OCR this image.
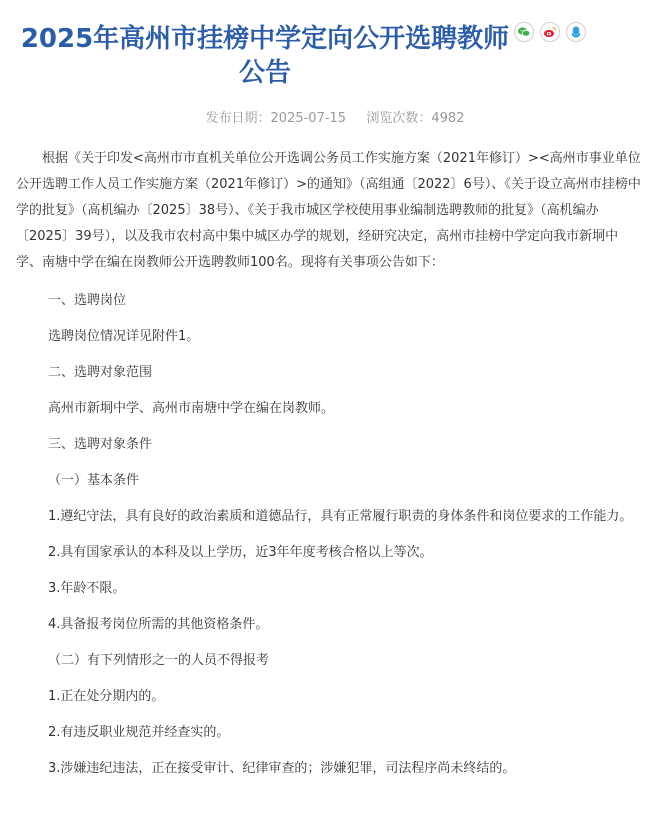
2025年高州市挂榜中学定向公开选聘教师公告
发布日期：2025-07-15 浏览次数：4982

根据《关于印发<高州市市直机关单位公开选调公务员工作实施方案（2021年修订）><高州市事业单位公开选聘工作人员工作实施方案（2021年修订）>的通知》（高组通〔2022〕6号）、《关于设立高州市挂榜中学的批复》（高机编办〔2025〕38号）、《关于我市城区学校使用事业编制选聘教师的批复》（高机编办〔2025〕39号），以及我市农村高中集中城区办学的规划，经研究决定，高州市挂榜中学定向我市新垌中学、南塘中学在编在岗教师公开选聘教师100名。现将有关事项公告如下：

一、选聘岗位

选聘岗位情况详见附件1。

二、选聘对象范围

高州市新垌中学、高州市南塘中学在编在岗教师。

三、选聘对象条件

（一）基本条件

1.遵纪守法，具有良好的政治素质和道德品行，具有正常履行职责的身体条件和岗位要求的工作能力。

2.具有国家承认的本科及以上学历，近3年年度考核合格以上等次。

3.年龄不限。

4.具备报考岗位所需的其他资格条件。

（二）有下列情形之一的人员不得报考

1.正在处分期内的。

2.有违反职业规范并经查实的。

3.涉嫌违纪违法，正在接受审计、纪律审查的；涉嫌犯罪，司法程序尚未终结的。
